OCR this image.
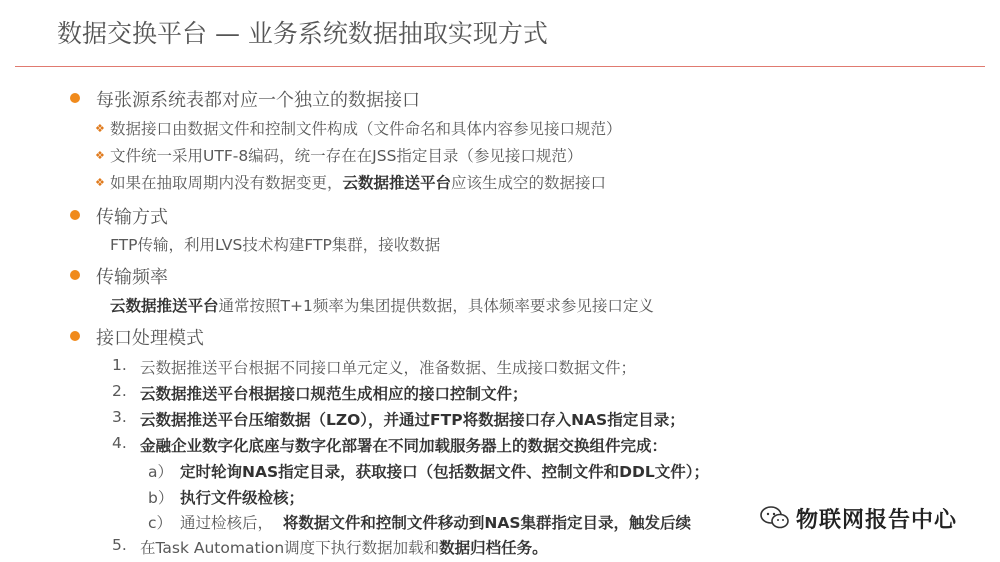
数据交换平台 — 业务系统数据抽取实现方式
每张源系统表都对应一个独立的数据接口
❖ 数据接口由数据文件和控制文件构成（文件命名和具体内容参见接口规范）
❖ 文件统一采用UTF-8编码，统一存在在JSS指定目录（参见接口规范）
❖ 如果在抽取周期内没有数据变更，云数据推送平台应该生成空的数据接口
传输方式
FTP传输，利用LVS技术构建FTP集群，接收数据
传输频率
云数据推送平台通常按照T+1频率为集团提供数据，具体频率要求参见接口定义
接口处理模式
1. 云数据推送平台根据不同接口单元定义，准备数据、生成接口数据文件；
2. 云数据推送平台根据接口规范生成相应的接口控制文件；
3. 云数据推送平台压缩数据（LZO），并通过FTP将数据接口存入NAS指定目录；
4. 金融企业数字化底座与数字化部署在不同加载服务器上的数据交换组件完成：
a） 定时轮询NAS指定目录，获取接口（包括数据文件、控制文件和DDL文件）；
b） 执行文件级检核；
c） 通过检核后， 将数据文件和控制文件移动到NAS集群指定目录，触发后续
5. 在Task Automation调度下执行数据加载和数据归档任务。
物联网报告中心
